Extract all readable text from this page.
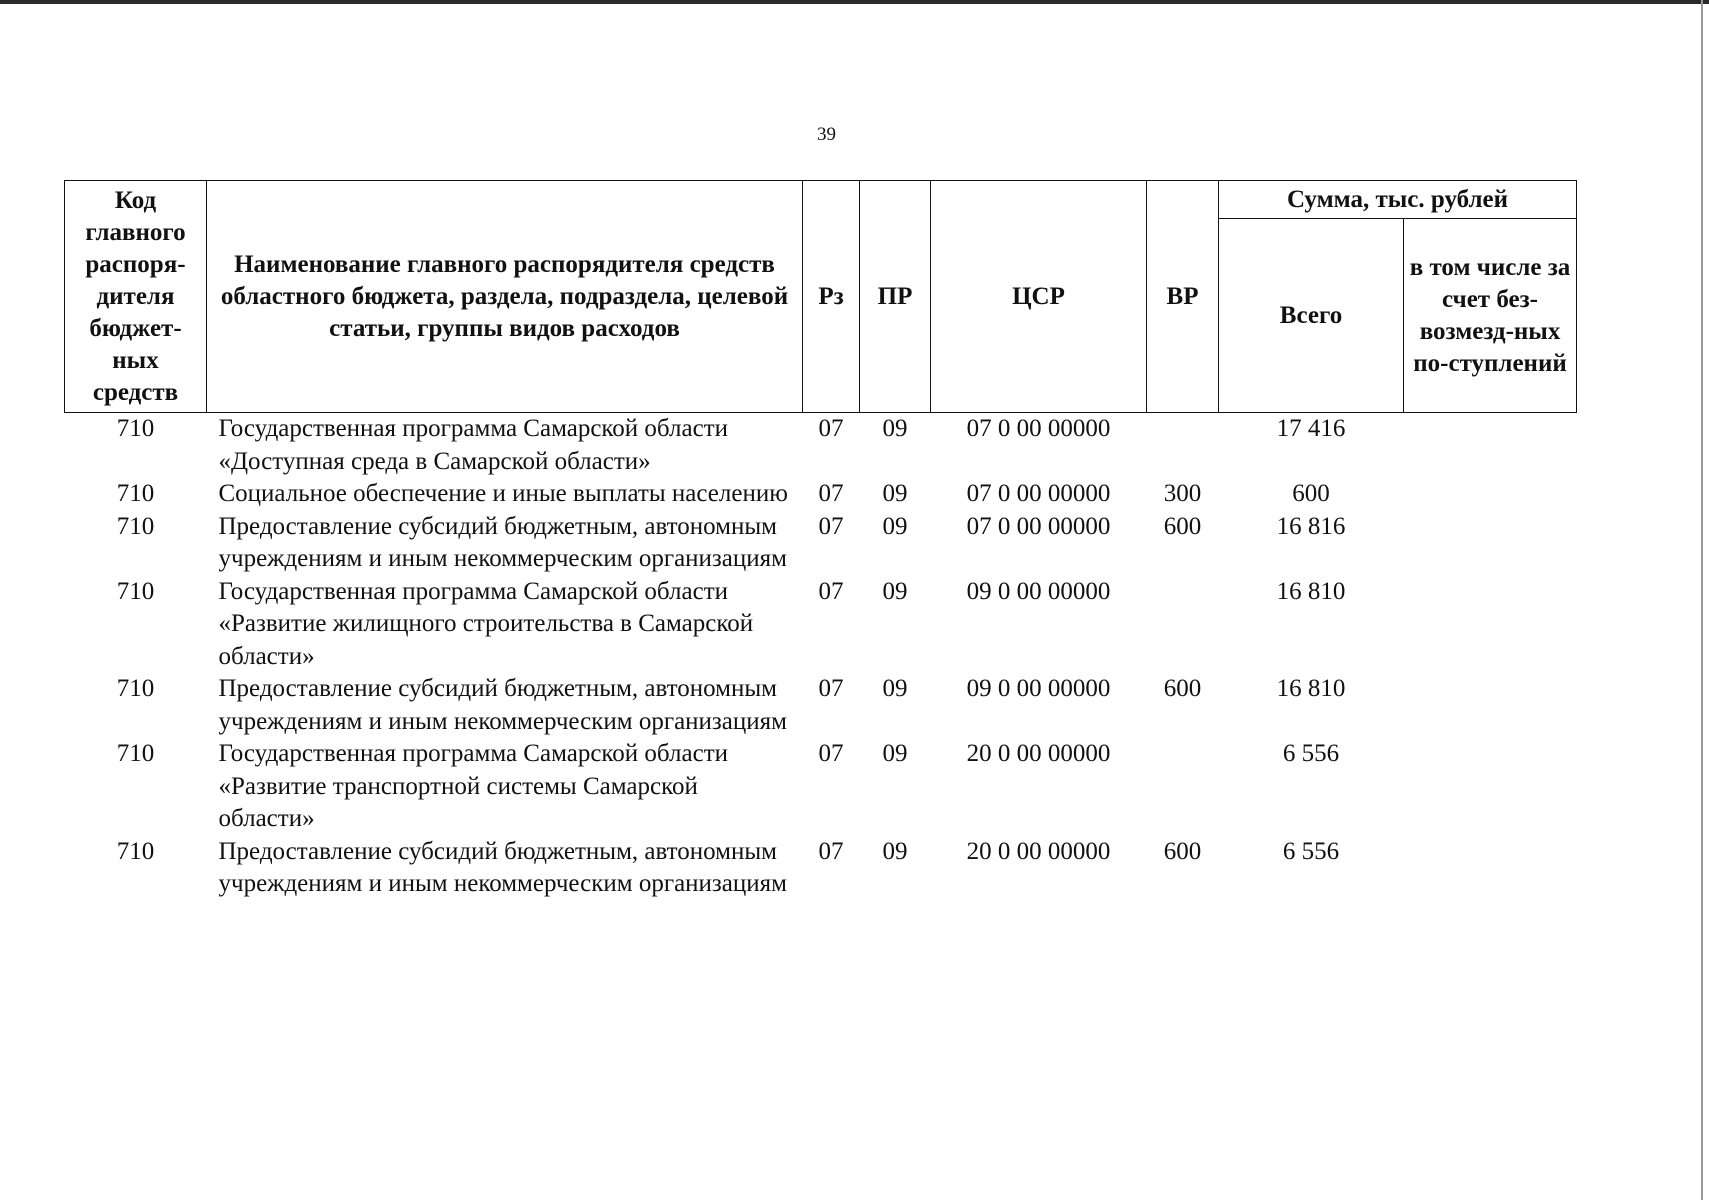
39
Код главного распоря-дителя бюджет-ных средств	Наименование главного распорядителя средств областного бюджета, раздела, подраздела, целевой статьи, группы видов расходов	Рз	ПР	ЦСР	ВР	Сумма, тыс. рублей	
						Всего	в том числе за счет без-возмезд-ных по-ступлений
710	Государственная программа Самарской области «Доступная среда в Самарской области»	07	09	07 0 00 00000		17 416	
710	Социальное обеспечение и иные выплаты населению	07	09	07 0 00 00000	300	600	
710	Предоставление субсидий бюджетным, автономным учреждениям и иным некоммерческим организациям	07	09	07 0 00 00000	600	16 816	
710	Государственная программа Самарской области «Развитие жилищного строительства в Самарской области»	07	09	09 0 00 00000		16 810	
710	Предоставление субсидий бюджетным, автономным учреждениям и иным некоммерческим организациям	07	09	09 0 00 00000	600	16 810	
710	Государственная программа Самарской области «Развитие транспортной системы Самарской области»	07	09	20 0 00 00000		6 556	
710	Предоставление субсидий бюджетным, автономным учреждениям и иным некоммерческим организациям	07	09	20 0 00 00000	600	6 556	
